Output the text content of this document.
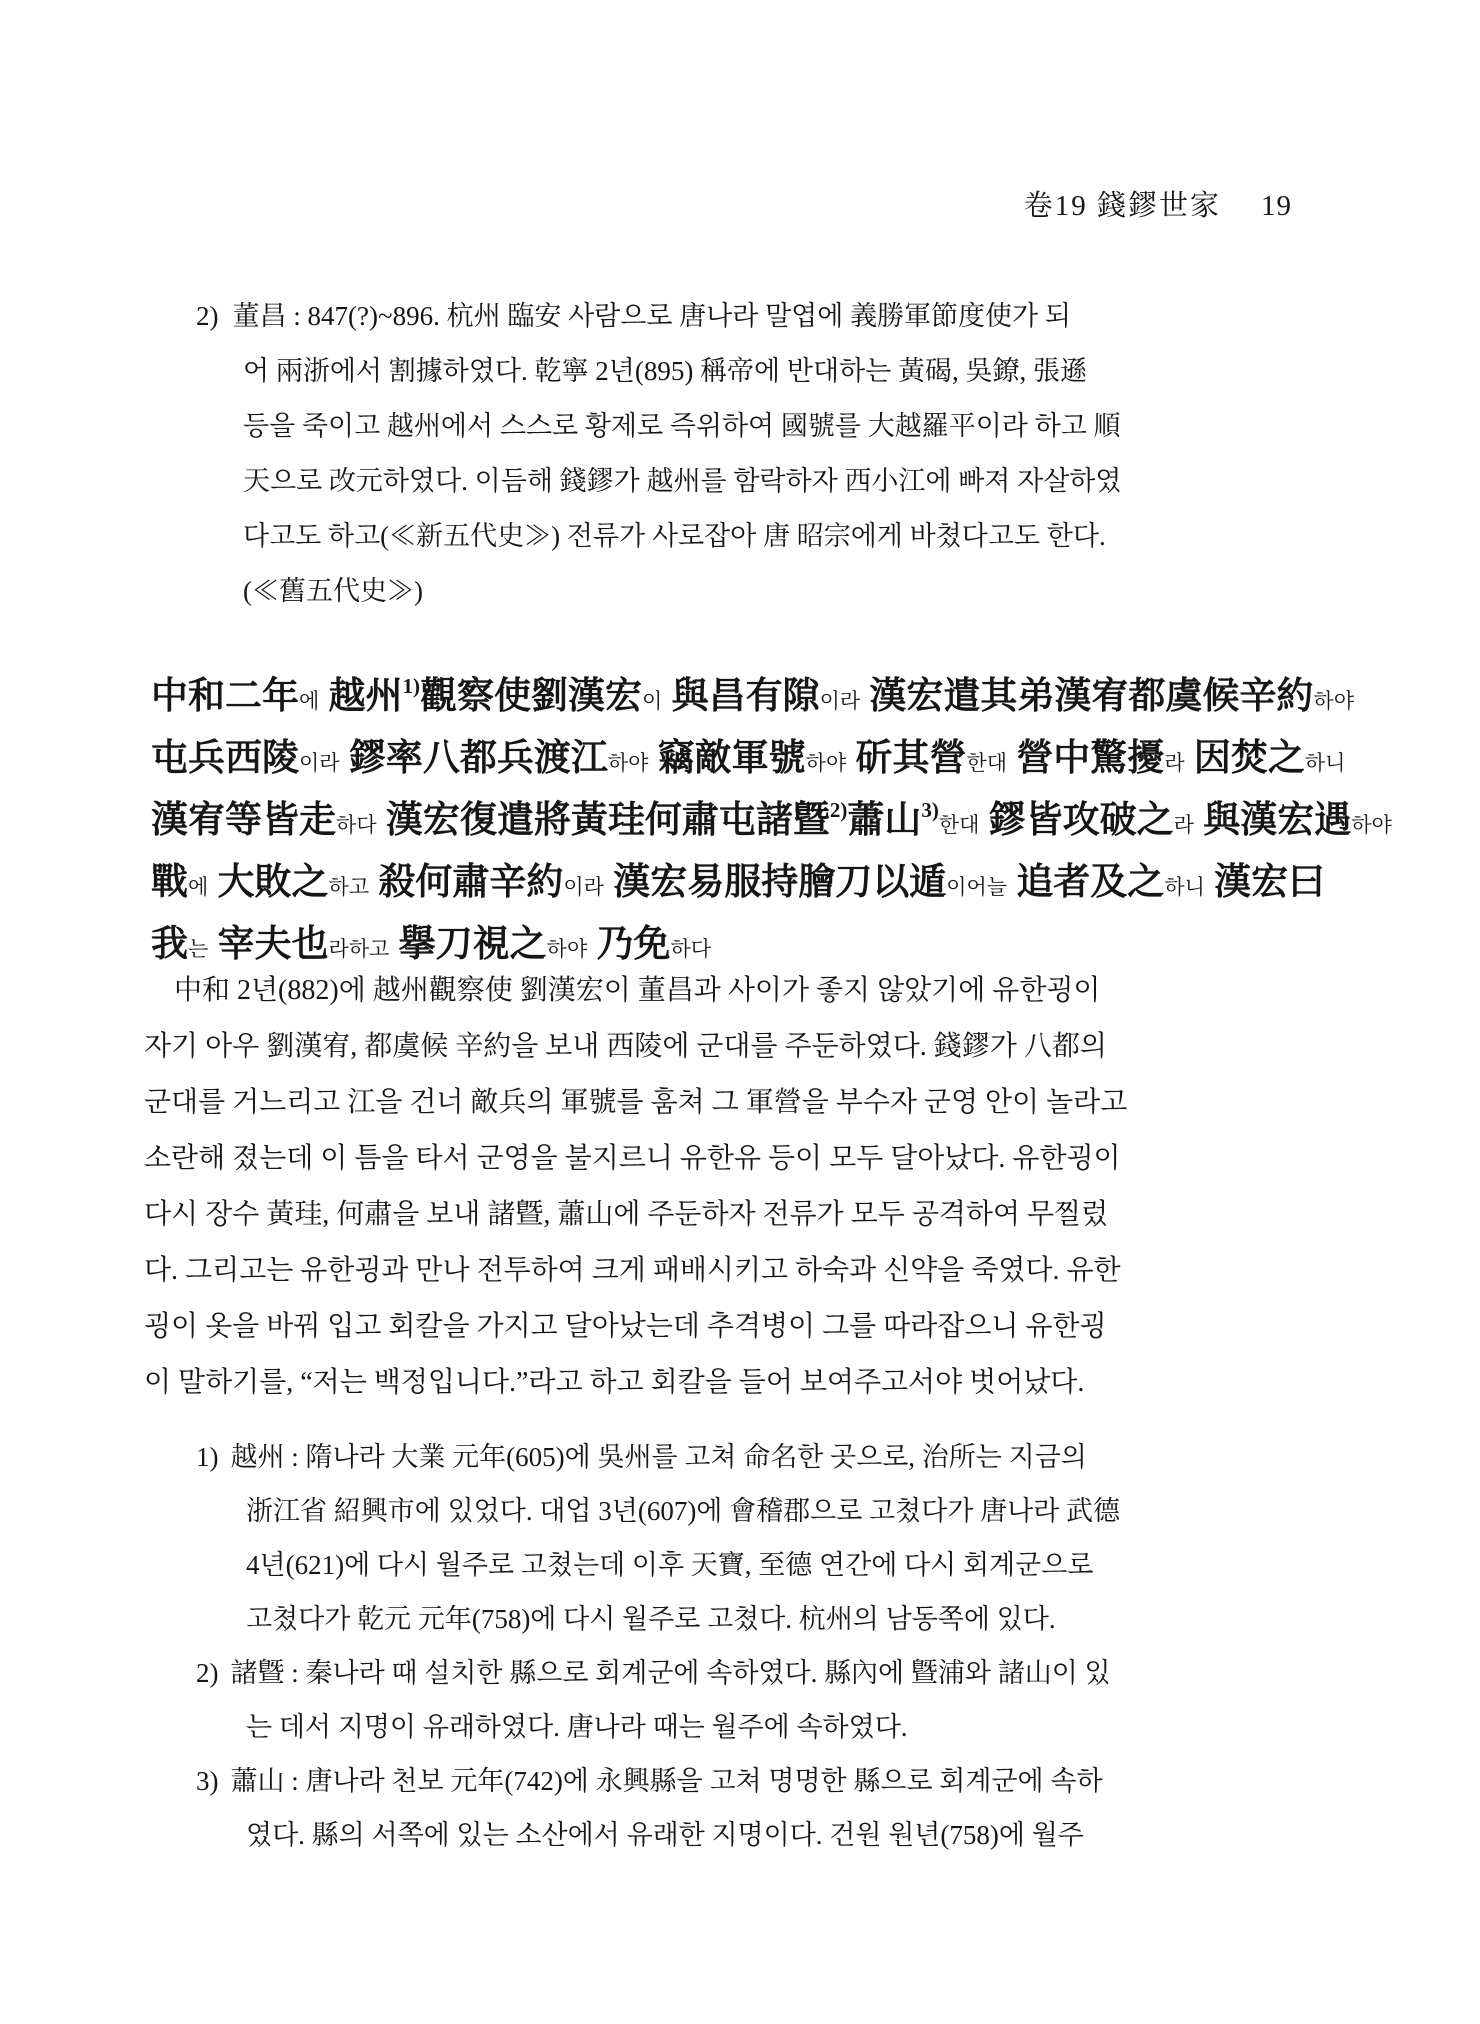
卷19 錢鏐世家 19
2) 董昌 : 847(?)~896. 杭州 臨安 사람으로 唐나라 말엽에 義勝軍節度使가 되
어 兩浙에서 割據하였다. 乾寧 2년(895) 稱帝에 반대하는 黃碣, 吳鐐, 張遜
등을 죽이고 越州에서 스스로 황제로 즉위하여 國號를 大越羅平이라 하고 順
天으로 改元하였다. 이듬해 錢鏐가 越州를 함락하자 西小江에 빠져 자살하였
다고도 하고(≪新五代史≫) 전류가 사로잡아 唐 昭宗에게 바쳤다고도 한다.
(≪舊五代史≫)
中和二年에 越州1)觀察使劉漢宏이 與昌有隙이라 漢宏遣其弟漢宥都虞候辛約하야
屯兵西陵이라 鏐率八都兵渡江하야 竊敵軍號하야 斫其營한대 營中驚擾라 因焚之하니
漢宥等皆走하다 漢宏復遣將黃珪何肅屯諸曁2)蕭山3)한대 鏐皆攻破之라 與漢宏遇하야
戰에 大敗之하고 殺何肅辛約이라 漢宏易服持膾刀以遁이어늘 追者及之하니 漢宏曰
我는 宰夫也라하고 擧刀視之하야 乃免하다
中和 2년(882)에 越州觀察使 劉漢宏이 董昌과 사이가 좋지 않았기에 유한굉이
자기 아우 劉漢宥, 都虞候 辛約을 보내 西陵에 군대를 주둔하였다. 錢鏐가 八都의
군대를 거느리고 江을 건너 敵兵의 軍號를 훔쳐 그 軍營을 부수자 군영 안이 놀라고
소란해 졌는데 이 틈을 타서 군영을 불지르니 유한유 등이 모두 달아났다. 유한굉이
다시 장수 黃珪, 何肅을 보내 諸曁, 蕭山에 주둔하자 전류가 모두 공격하여 무찔렀
다. 그리고는 유한굉과 만나 전투하여 크게 패배시키고 하숙과 신약을 죽였다. 유한
굉이 옷을 바꿔 입고 회칼을 가지고 달아났는데 추격병이 그를 따라잡으니 유한굉
이 말하기를, “저는 백정입니다.”라고 하고 회칼을 들어 보여주고서야 벗어났다.
1) 越州 : 隋나라 大業 元年(605)에 吳州를 고쳐 命名한 곳으로, 治所는 지금의
浙江省 紹興市에 있었다. 대업 3년(607)에 會稽郡으로 고쳤다가 唐나라 武德
4년(621)에 다시 월주로 고쳤는데 이후 天寶, 至德 연간에 다시 회계군으로
고쳤다가 乾元 元年(758)에 다시 월주로 고쳤다. 杭州의 남동쪽에 있다.
2) 諸曁 : 秦나라 때 설치한 縣으로 회계군에 속하였다. 縣內에 曁浦와 諸山이 있
는 데서 지명이 유래하였다. 唐나라 때는 월주에 속하였다.
3) 蕭山 : 唐나라 천보 元年(742)에 永興縣을 고쳐 명명한 縣으로 회계군에 속하
였다. 縣의 서쪽에 있는 소산에서 유래한 지명이다. 건원 원년(758)에 월주
